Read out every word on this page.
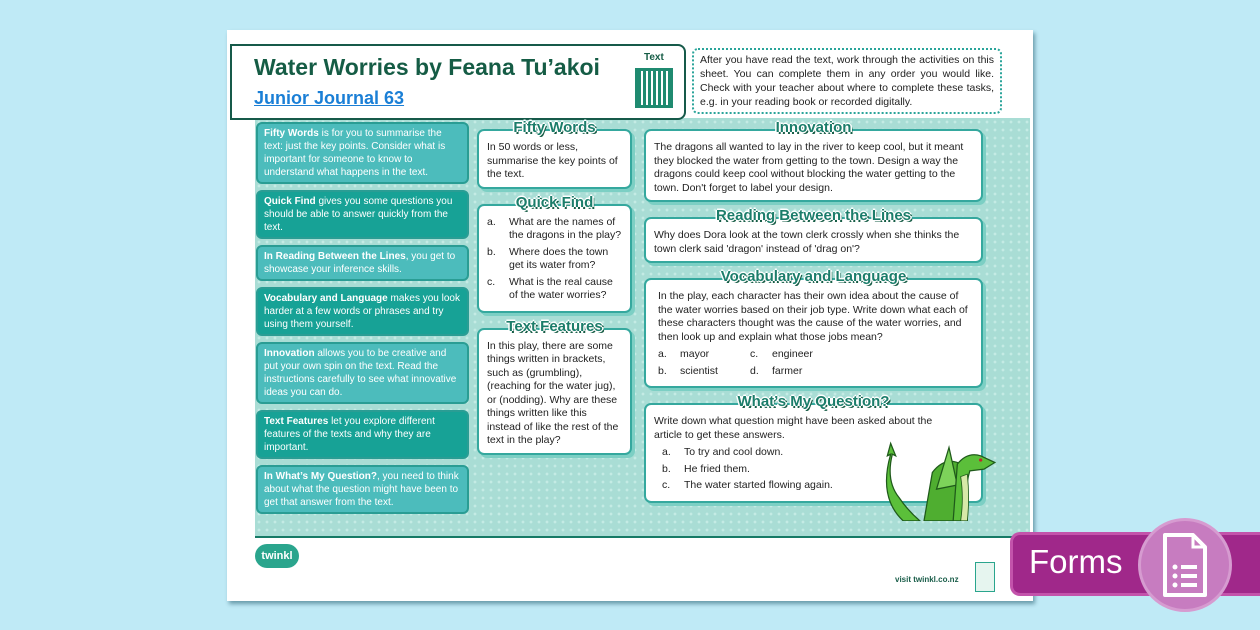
Water Worries by Feana Tu’akoi
Junior Journal 63
Text	After you have read the text, work through the activities on this sheet. You can complete them in any order you would like. Check with your teacher about where to complete these tasks, e.g. in your reading book or recorded digitally.
Fifty Words is for you to summarise the text: just the key points. Consider what is important for someone to know to understand what happens in the text.
Quick Find gives you some questions you should be able to answer quickly from the text.
In Reading Between the Lines, you get to showcase your inference skills.
Vocabulary and Language makes you look harder at a few words or phrases and try using them yourself.
Innovation allows you to be creative and put your own spin on the text. Read the instructions carefully to see what innovative ideas you can do.
Text Features let you explore different features of the texts and why they are important.
In What’s My Question?, you need to think about what the question might have been to get that answer from the text.
Fifty Words
In 50 words or less, summarise the key points of the text.
Quick Find
a.	What are the names of the dragons in the play?
b.	Where does the town get its water from?
c.	What is the real cause of the water worries?
Text Features
In this play, there are some things written in brackets, such as (grumbling), (reaching for the water jug), or (nodding). Why are these things written like this instead of like the rest of the text in the play?
Innovation
The dragons all wanted to lay in the river to keep cool, but it meant they blocked the water from getting to the town. Design a way the dragons could keep cool without blocking the water getting to the town. Don't forget to label your design.
Reading Between the Lines
Why does Dora look at the town clerk crossly when she thinks the town clerk said 'dragon' instead of 'drag on'?
Vocabulary and Language
In the play, each character has their own idea about the cause of the water worries based on their job type. Write down what each of these characters thought was the cause of the water worries, and then look up and explain what those jobs mean?
a.	mayor	c.	engineer
b.	scientist	d.	farmer
What’s My Question?
Write down what question might have been asked about the article to get these answers.
a.	To try and cool down.
b.	He fried them.
c.	The water started flowing again.
twinkl
visit twinkl.co.nz Forms
